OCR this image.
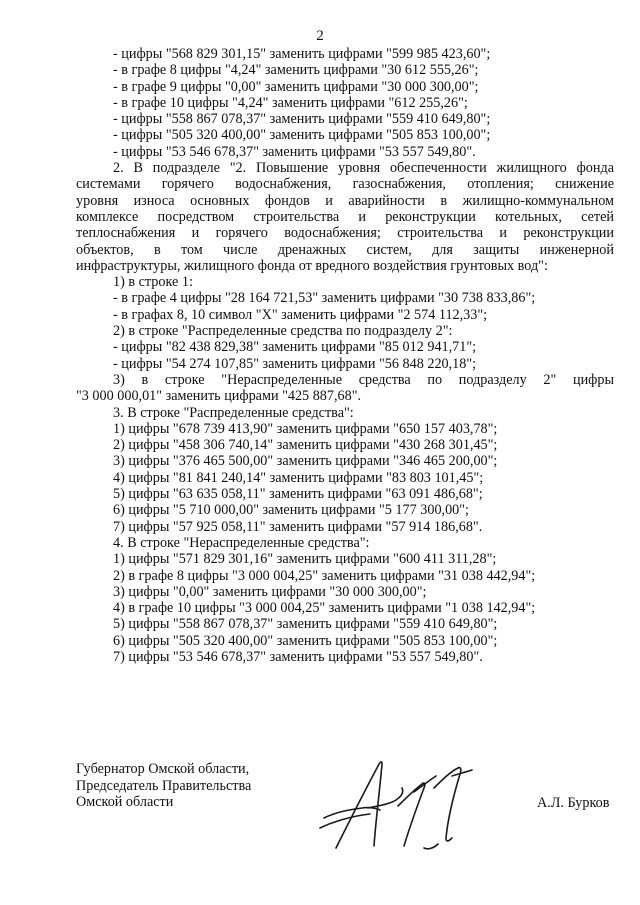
2
- цифры "568 829 301,15" заменить цифрами "599 985 423,60";
- в графе 8 цифры "4,24" заменить цифрами "30 612 555,26";
- в графе 9 цифры "0,00" заменить цифрами "30 000 300,00";
- в графе 10 цифры "4,24" заменить цифрами "612 255,26";
- цифры "558 867 078,37" заменить цифрами "559 410 649,80";
- цифры "505 320 400,00" заменить цифрами "505 853 100,00";
- цифры "53 546 678,37" заменить цифрами "53 557 549,80".
2. В подразделе "2. Повышение уровня обеспеченности жилищного фонда
системами горячего водоснабжения, газоснабжения, отопления; снижение
уровня износа основных фондов и аварийности в жилищно-коммунальном
комплексе посредством строительства и реконструкции котельных, сетей
теплоснабжения и горячего водоснабжения; строительства и реконструкции
объектов, в том числе дренажных систем, для защиты инженерной
инфраструктуры, жилищного фонда от вредного воздействия грунтовых вод":
1) в строке 1:
- в графе 4 цифры "28 164 721,53" заменить цифрами "30 738 833,86";
- в графах 8, 10 символ "Х" заменить цифрами "2 574 112,33";
2) в строке "Распределенные средства по подразделу 2":
- цифры "82 438 829,38" заменить цифрами "85 012 941,71";
- цифры "54 274 107,85" заменить цифрами "56 848 220,18";
3) в строке "Нераспределенные средства по подразделу 2" цифры
"3 000 000,01" заменить цифрами "425 887,68".
3. В строке "Распределенные средства":
1) цифры "678 739 413,90" заменить цифрами "650 157 403,78";
2) цифры "458 306 740,14" заменить цифрами "430 268 301,45";
3) цифры "376 465 500,00" заменить цифрами "346 465 200,00";
4) цифры "81 841 240,14" заменить цифрами "83 803 101,45";
5) цифры "63 635 058,11" заменить цифрами "63 091 486,68";
6) цифры "5 710 000,00" заменить цифрами "5 177 300,00";
7) цифры "57 925 058,11" заменить цифрами "57 914 186,68".
4. В строке "Нераспределенные средства":
1) цифры "571 829 301,16" заменить цифрами "600 411 311,28";
2) в графе 8 цифры "3 000 004,25" заменить цифрами "31 038 442,94";
3) цифры "0,00" заменить цифрами "30 000 300,00";
4) в графе 10 цифры "3 000 004,25" заменить цифрами "1 038 142,94";
5) цифры "558 867 078,37" заменить цифрами "559 410 649,80";
6) цифры "505 320 400,00" заменить цифрами "505 853 100,00";
7) цифры "53 546 678,37" заменить цифрами "53 557 549,80".
Губернатор Омской области,
Председатель Правительства
Омской области	А.Л. Бурков
